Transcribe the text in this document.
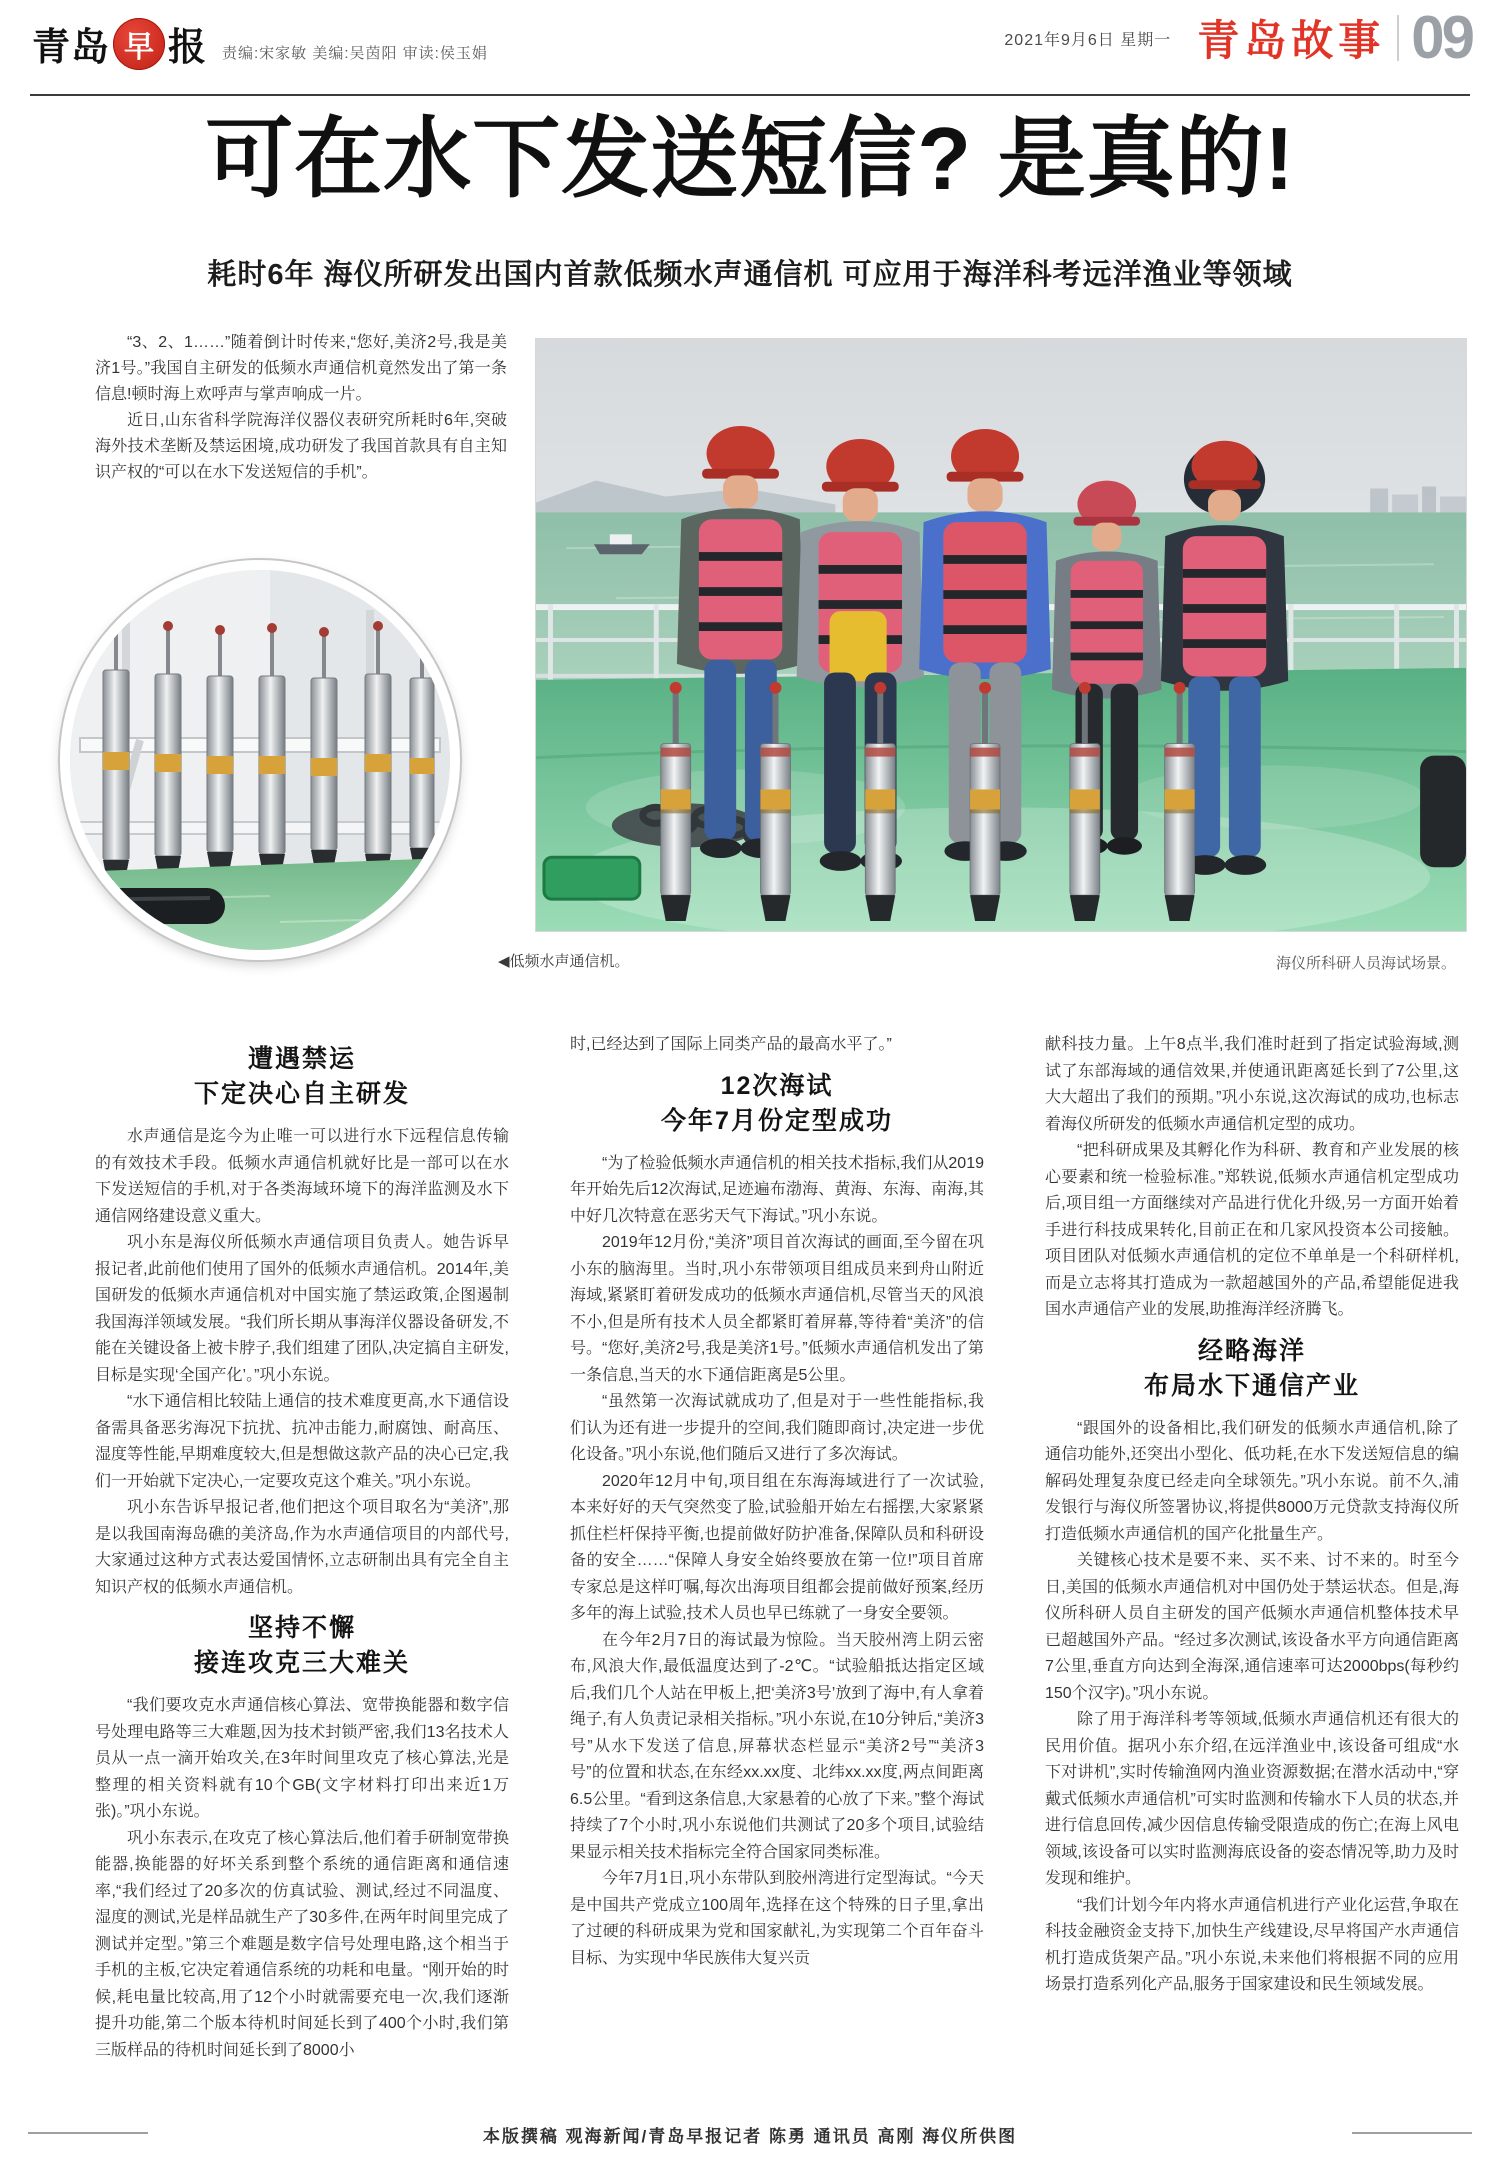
青岛 早 报 责编:宋家敏 美编:吴茵阳 审读:侯玉娟
2021年9月6日 星期一 青岛故事 09
可在水下发送短信? 是真的!
耗时6年 海仪所研发出国内首款低频水声通信机 可应用于海洋科考远洋渔业等领域

“3、2、1……”随着倒计时传来,“您好,美济2号,我是美济1号。”我国自主研发的低频水声通信机竟然发出了第一条信息!顿时海上欢呼声与掌声响成一片。

近日,山东省科学院海洋仪器仪表研究所耗时6年,突破海外技术垄断及禁运困境,成功研发了我国首款具有自主知识产权的“可以在水下发送短信的手机”。

◀低频水声通信机。	海仪所科研人员海试场景。
遭遇禁运
下定决心自主研发

水声通信是迄今为止唯一可以进行水下远程信息传输的有效技术手段。低频水声通信机就好比是一部可以在水下发送短信的手机,对于各类海域环境下的海洋监测及水下通信网络建设意义重大。

巩小东是海仪所低频水声通信项目负责人。她告诉早报记者,此前他们使用了国外的低频水声通信机。2014年,美国研发的低频水声通信机对中国实施了禁运政策,企图遏制我国海洋领域发展。“我们所长期从事海洋仪器设备研发,不能在关键设备上被卡脖子,我们组建了团队,决定搞自主研发,目标是实现‘全国产化’。”巩小东说。

“水下通信相比较陆上通信的技术难度更高,水下通信设备需具备恶劣海况下抗扰、抗冲击能力,耐腐蚀、耐高压、湿度等性能,早期难度较大,但是想做这款产品的决心已定,我们一开始就下定决心,一定要攻克这个难关。”巩小东说。

巩小东告诉早报记者,他们把这个项目取名为“美济”,那是以我国南海岛礁的美济岛,作为水声通信项目的内部代号,大家通过这种方式表达爱国情怀,立志研制出具有完全自主知识产权的低频水声通信机。

坚持不懈
接连攻克三大难关

“我们要攻克水声通信核心算法、宽带换能器和数字信号处理电路等三大难题,因为技术封锁严密,我们13名技术人员从一点一滴开始攻关,在3年时间里攻克了核心算法,光是整理的相关资料就有10个GB(文字材料打印出来近1万张)。”巩小东说。

巩小东表示,在攻克了核心算法后,他们着手研制宽带换能器,换能器的好坏关系到整个系统的通信距离和通信速率,“我们经过了20多次的仿真试验、测试,经过不同温度、湿度的测试,光是样品就生产了30多件,在两年时间里完成了测试并定型。”第三个难题是数字信号处理电路,这个相当于手机的主板,它决定着通信系统的功耗和电量。“刚开始的时候,耗电量比较高,用了12个小时就需要充电一次,我们逐渐提升功能,第二个版本待机时间延长到了400个小时,我们第三版样品的待机时间延长到了8000小

时,已经达到了国际上同类产品的最高水平了。”

12次海试
今年7月份定型成功

“为了检验低频水声通信机的相关技术指标,我们从2019年开始先后12次海试,足迹遍布渤海、黄海、东海、南海,其中好几次特意在恶劣天气下海试。”巩小东说。

2019年12月份,“美济”项目首次海试的画面,至今留在巩小东的脑海里。当时,巩小东带领项目组成员来到舟山附近海域,紧紧盯着研发成功的低频水声通信机,尽管当天的风浪不小,但是所有技术人员全都紧盯着屏幕,等待着“美济”的信号。“您好,美济2号,我是美济1号。”低频水声通信机发出了第一条信息,当天的水下通信距离是5公里。

“虽然第一次海试就成功了,但是对于一些性能指标,我们认为还有进一步提升的空间,我们随即商讨,决定进一步优化设备。”巩小东说,他们随后又进行了多次海试。

2020年12月中旬,项目组在东海海域进行了一次试验,本来好好的天气突然变了脸,试验船开始左右摇摆,大家紧紧抓住栏杆保持平衡,也提前做好防护准备,保障队员和科研设备的安全……“保障人身安全始终要放在第一位!”项目首席专家总是这样叮嘱,每次出海项目组都会提前做好预案,经历多年的海上试验,技术人员也早已练就了一身安全要领。

在今年2月7日的海试最为惊险。当天胶州湾上阴云密布,风浪大作,最低温度达到了-2℃。“试验船抵达指定区域后,我们几个人站在甲板上,把‘美济3号’放到了海中,有人拿着绳子,有人负责记录相关指标。”巩小东说,在10分钟后,“美济3号”从水下发送了信息,屏幕状态栏显示“美济2号”“美济3号”的位置和状态,在东经xx.xx度、北纬xx.xx度,两点间距离6.5公里。“看到这条信息,大家悬着的心放了下来。”整个海试持续了7个小时,巩小东说他们共测试了20多个项目,试验结果显示相关技术指标完全符合国家同类标准。

今年7月1日,巩小东带队到胶州湾进行定型海试。“今天是中国共产党成立100周年,选择在这个特殊的日子里,拿出了过硬的科研成果为党和国家献礼,为实现第二个百年奋斗目标、为实现中华民族伟大复兴贡

献科技力量。上午8点半,我们准时赶到了指定试验海域,测试了东部海域的通信效果,并使通讯距离延长到了7公里,这大大超出了我们的预期。”巩小东说,这次海试的成功,也标志着海仪所研发的低频水声通信机定型的成功。

“把科研成果及其孵化作为科研、教育和产业发展的核心要素和统一检验标准。”郑轶说,低频水声通信机定型成功后,项目组一方面继续对产品进行优化升级,另一方面开始着手进行科技成果转化,目前正在和几家风投资本公司接触。项目团队对低频水声通信机的定位不单单是一个科研样机,而是立志将其打造成为一款超越国外的产品,希望能促进我国水声通信产业的发展,助推海洋经济腾飞。

经略海洋
布局水下通信产业

“跟国外的设备相比,我们研发的低频水声通信机,除了通信功能外,还突出小型化、低功耗,在水下发送短信息的编解码处理复杂度已经走向全球领先。”巩小东说。前不久,浦发银行与海仪所签署协议,将提供8000万元贷款支持海仪所打造低频水声通信机的国产化批量生产。

关键核心技术是要不来、买不来、讨不来的。时至今日,美国的低频水声通信机对中国仍处于禁运状态。但是,海仪所科研人员自主研发的国产低频水声通信机整体技术早已超越国外产品。“经过多次测试,该设备水平方向通信距离7公里,垂直方向达到全海深,通信速率可达2000bps(每秒约150个汉字)。”巩小东说。

除了用于海洋科考等领域,低频水声通信机还有很大的民用价值。据巩小东介绍,在远洋渔业中,该设备可组成“水下对讲机”,实时传输渔网内渔业资源数据;在潜水活动中,“穿戴式低频水声通信机”可实时监测和传输水下人员的状态,并进行信息回传,减少因信息传输受限造成的伤亡;在海上风电领域,该设备可以实时监测海底设备的姿态情况等,助力及时发现和维护。

“我们计划今年内将水声通信机进行产业化运营,争取在科技金融资金支持下,加快生产线建设,尽早将国产水声通信机打造成货架产品。”巩小东说,未来他们将根据不同的应用场景打造系列化产品,服务于国家建设和民生领域发展。

本版撰稿 观海新闻/青岛早报记者 陈勇 通讯员 高刚 海仪所供图
